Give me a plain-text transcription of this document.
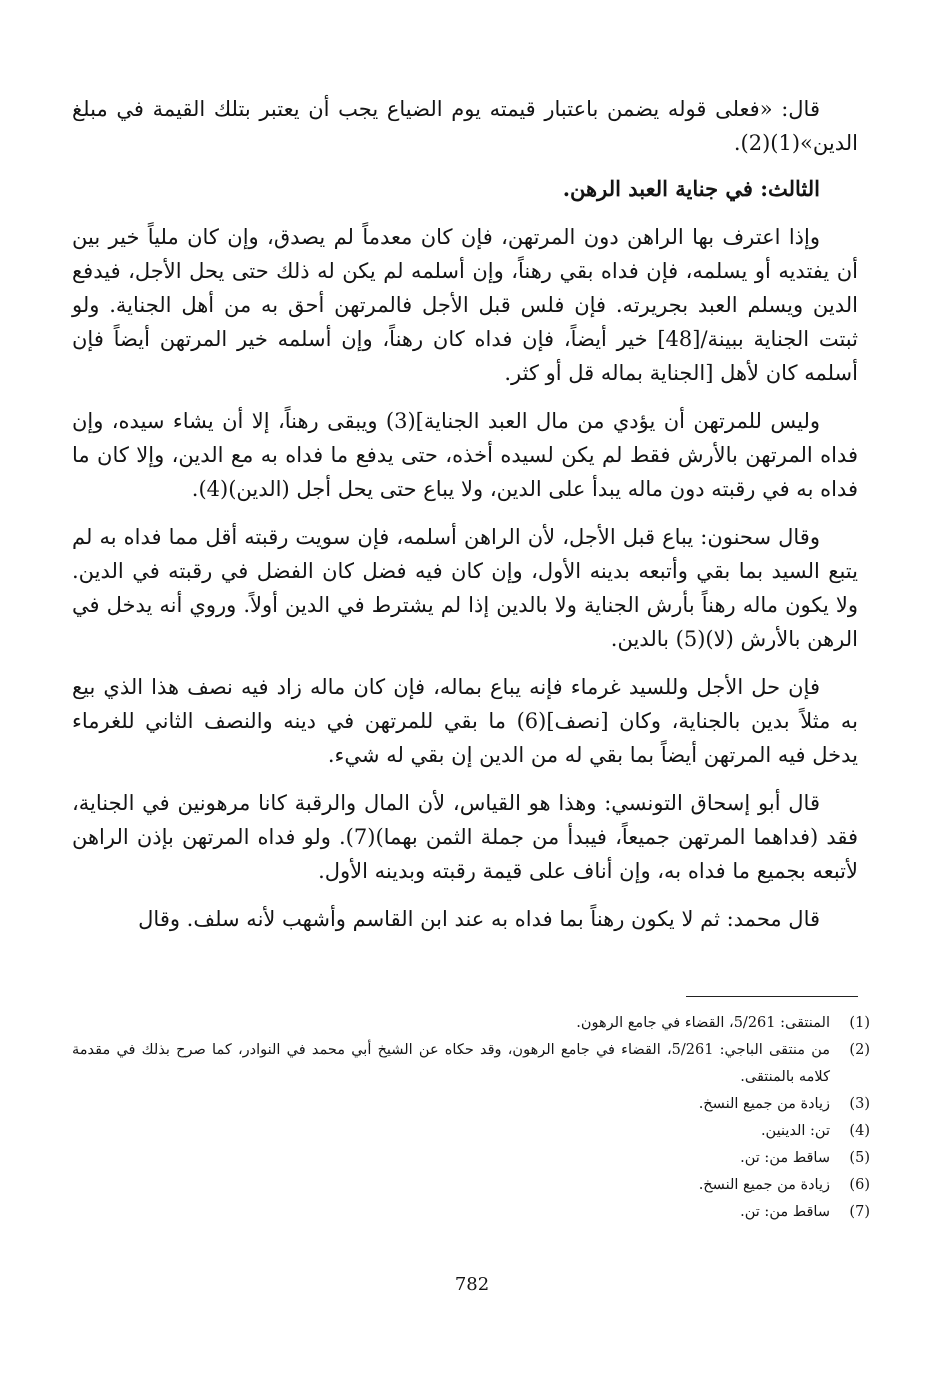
قال: «فعلى قوله يضمن باعتبار قيمته يوم الضياع يجب أن يعتبر بتلك القيمة في مبلغ الدين»(1)(2).

الثالث: في جناية العبد الرهن.

وإذا اعترف بها الراهن دون المرتهن، فإن كان معدماً لم يصدق، وإن كان ملياً خير بين أن يفتديه أو يسلمه، فإن فداه بقي رهناً، وإن أسلمه لم يكن له ذلك حتى يحل الأجل، فيدفع الدين ويسلم العبد بجريرته. فإن فلس قبل الأجل فالمرتهن أحق به من أهل الجناية. ولو ثبتت الجناية ببينة/[48] خير أيضاً، فإن فداه كان رهناً، وإن أسلمه خير المرتهن أيضاً فإن أسلمه كان لأهل [الجناية بماله قل أو كثر.

وليس للمرتهن أن يؤدي من مال العبد الجناية](3) ويبقى رهناً، إلا أن يشاء سيده، وإن فداه المرتهن بالأرش فقط لم يكن لسيده أخذه، حتى يدفع ما فداه به مع الدين، وإلا كان ما فداه به في رقبته دون ماله يبدأ على الدين، ولا يباع حتى يحل أجل (الدين)(4).

وقال سحنون: يباع قبل الأجل، لأن الراهن أسلمه، فإن سويت رقبته أقل مما فداه به لم يتبع السيد بما بقي وأتبعه بدينه الأول، وإن كان فيه فضل كان الفضل في رقبته في الدين. ولا يكون ماله رهناً بأرش الجناية ولا بالدين إذا لم يشترط في الدين أولاً. وروي أنه يدخل في الرهن بالأرش (لا)(5) بالدين.

فإن حل الأجل وللسيد غرماء فإنه يباع بماله، فإن كان ماله زاد فيه نصف هذا الذي بيع به مثلاً بدين بالجناية، وكان [نصف](6) ما بقي للمرتهن في دينه والنصف الثاني للغرماء يدخل فيه المرتهن أيضاً بما بقي له من الدين إن بقي له شيء.

قال أبو إسحاق التونسي: وهذا هو القياس، لأن المال والرقبة كانا مرهونين في الجناية، فقد (فداهما المرتهن جميعاً، فيبدأ من جملة الثمن بهما)(7). ولو فداه المرتهن بإذن الراهن لأتبعه بجميع ما فداه به، وإن أناف على قيمة رقبته وبدينه الأول.

قال محمد: ثم لا يكون رهناً بما فداه به عند ابن القاسم وأشهب لأنه سلف. وقال

(1)
المنتقى: 5/261، القضاء في جامع الرهون.
(2)
من منتقى الباجي: 5/261، القضاء في جامع الرهون، وقد حكاه عن الشيخ أبي محمد في النوادر، كما صرح بذلك في مقدمة كلامه بالمنتقى.
(3)
زيادة من جميع النسخ.
(4)
تن: الدينين.
(5)
ساقط من: تن.
(6)
زيادة من جميع النسخ.
(7)
ساقط من: تن.
782
